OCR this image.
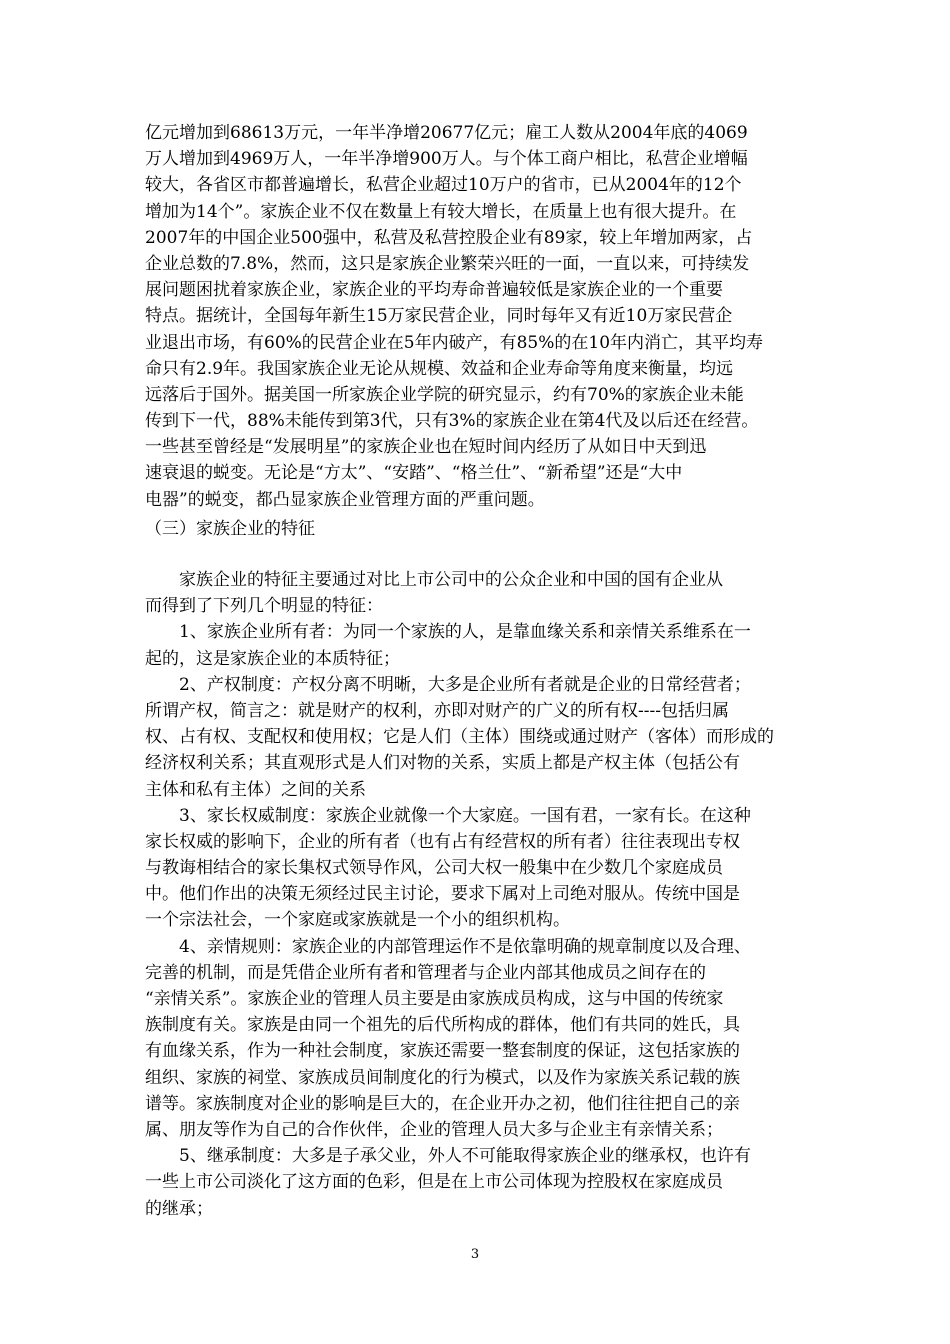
亿元增加到68613万元，一年半净增20677亿元；雇工人数从2004年底的4069
万人增加到4969万人，一年半净增900万人。与个体工商户相比，私营企业增幅
较大，各省区市都普遍增长，私营企业超过10万户的省市，已从2004年的12个
增加为14个”。家族企业不仅在数量上有较大增长，在质量上也有很大提升。在
2007年的中国企业500强中，私营及私营控股企业有89家，较上年增加两家，占
企业总数的7.8%，然而，这只是家族企业繁荣兴旺的一面，一直以来，可持续发
展问题困扰着家族企业，家族企业的平均寿命普遍较低是家族企业的一个重要
特点。据统计，全国每年新生15万家民营企业，同时每年又有近10万家民营企
业退出市场，有60%的民营企业在5年内破产，有85%的在10年内消亡，其平均寿
命只有2.9年。我国家族企业无论从规模、效益和企业寿命等角度来衡量，均远
远落后于国外。据美国一所家族企业学院的研究显示，约有70%的家族企业未能
传到下一代，88%未能传到第3代，只有3%的家族企业在第4代及以后还在经营。
一些甚至曾经是“发展明星”的家族企业也在短时间内经历了从如日中天到迅
速衰退的蜕变。无论是“方太”、“安踏”、“格兰仕”、“新希望”还是“大中
电器”的蜕变，都凸显家族企业管理方面的严重问题。
（三）家族企业的特征
家族企业的特征主要通过对比上市公司中的公众企业和中国的国有企业从
而得到了下列几个明显的特征：
1、家族企业所有者：为同一个家族的人，是靠血缘关系和亲情关系维系在一
起的，这是家族企业的本质特征；
2、产权制度：产权分离不明晰，大多是企业所有者就是企业的日常经营者；
所谓产权，简言之：就是财产的权利，亦即对财产的广义的所有权----包括归属
权、占有权、支配权和使用权；它是人们（主体）围绕或通过财产（客体）而形成的
经济权利关系；其直观形式是人们对物的关系，实质上都是产权主体（包括公有
主体和私有主体）之间的关系
3、家长权威制度：家族企业就像一个大家庭。一国有君，一家有长。在这种
家长权威的影响下，企业的所有者（也有占有经营权的所有者）往往表现出专权
与教诲相结合的家长集权式领导作风，公司大权一般集中在少数几个家庭成员
中。他们作出的决策无须经过民主讨论，要求下属对上司绝对服从。传统中国是
一个宗法社会，一个家庭或家族就是一个小的组织机构。
4、亲情规则：家族企业的内部管理运作不是依靠明确的规章制度以及合理、
完善的机制，而是凭借企业所有者和管理者与企业内部其他成员之间存在的
“亲情关系”。家族企业的管理人员主要是由家族成员构成，这与中国的传统家
族制度有关。家族是由同一个祖先的后代所构成的群体，他们有共同的姓氏，具
有血缘关系，作为一种社会制度，家族还需要一整套制度的保证，这包括家族的
组织、家族的祠堂、家族成员间制度化的行为模式，以及作为家族关系记载的族
谱等。家族制度对企业的影响是巨大的，在企业开办之初，他们往往把自己的亲
属、朋友等作为自己的合作伙伴，企业的管理人员大多与企业主有亲情关系；
5、继承制度：大多是子承父业，外人不可能取得家族企业的继承权，也许有
一些上市公司淡化了这方面的色彩，但是在上市公司体现为控股权在家庭成员
的继承；
3
